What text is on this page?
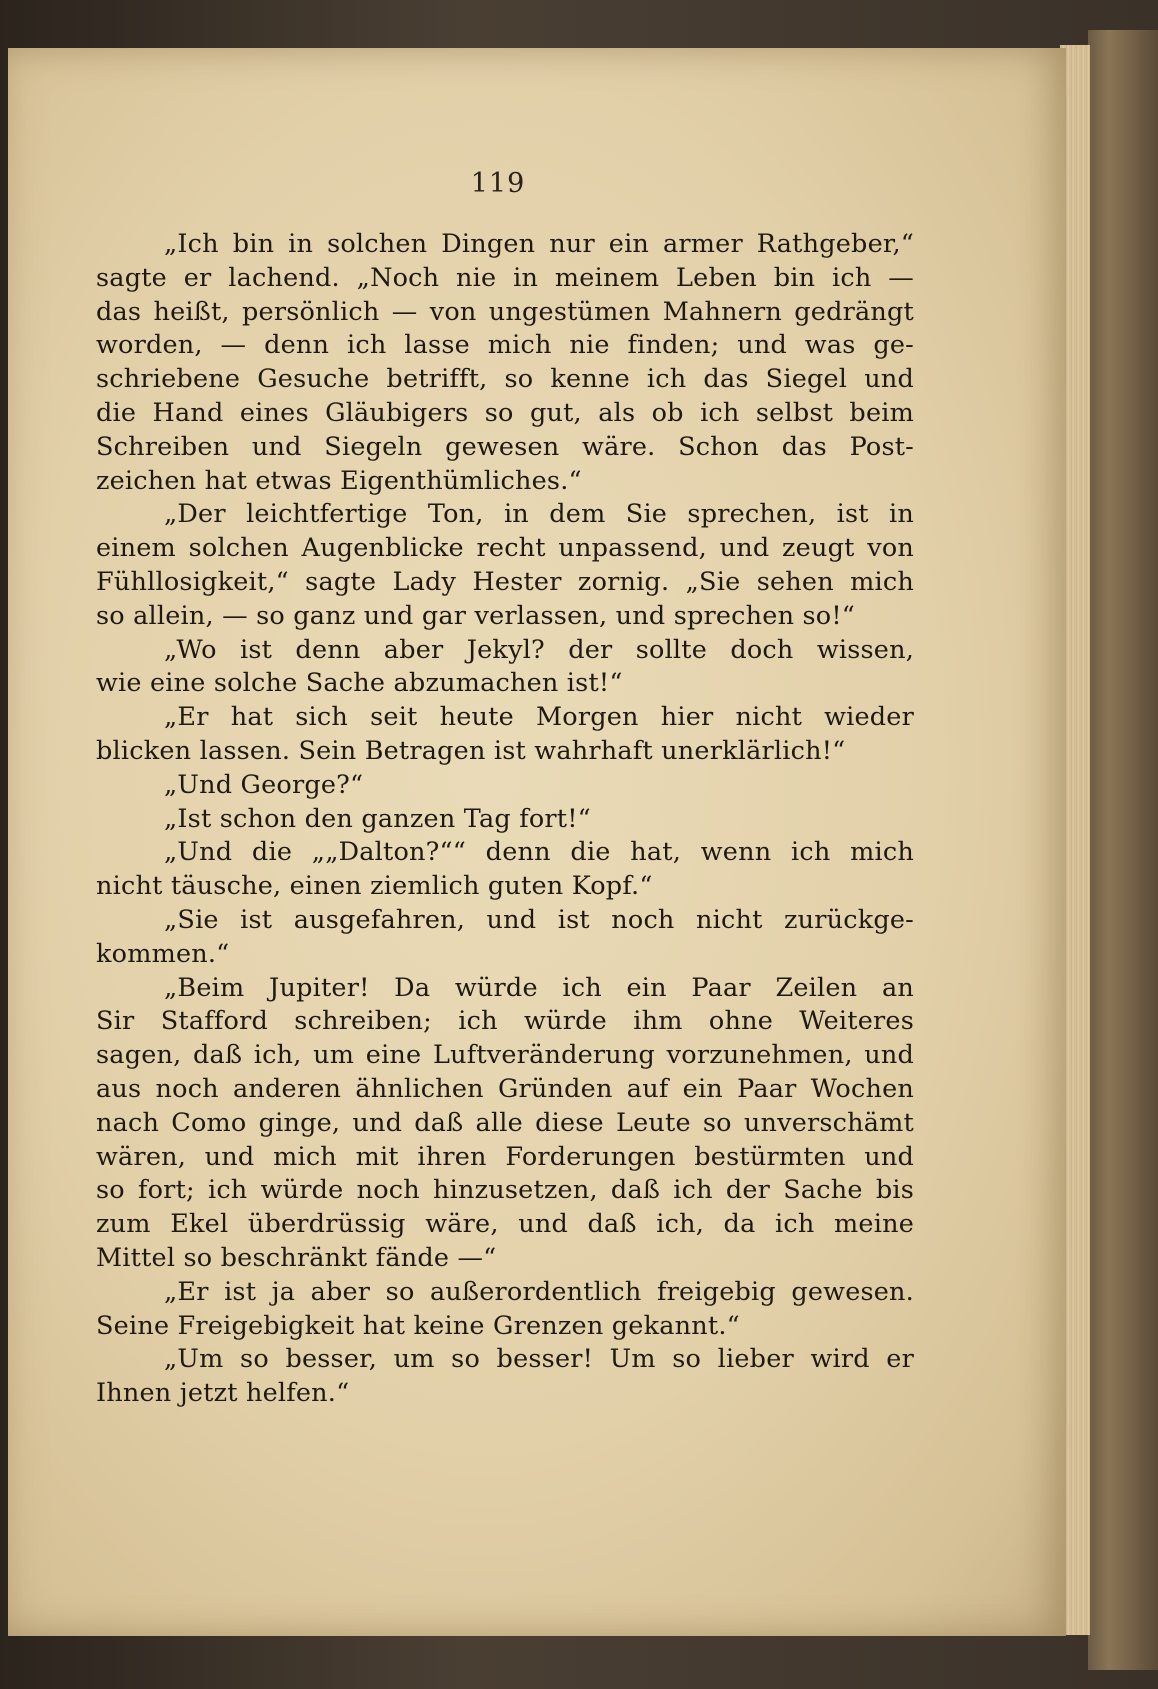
119
„Ich bin in solchen Dingen nur ein armer Rathgeber,“
sagte er lachend. „Noch nie in meinem Leben bin ich —
das heißt, persönlich — von ungestümen Mahnern gedrängt
worden, — denn ich lasse mich nie finden; und was ge-
schriebene Gesuche betrifft, so kenne ich das Siegel und
die Hand eines Gläubigers so gut, als ob ich selbst beim
Schreiben und Siegeln gewesen wäre. Schon das Post-
zeichen hat etwas Eigenthümliches.“
„Der leichtfertige Ton, in dem Sie sprechen, ist in
einem solchen Augenblicke recht unpassend, und zeugt von
Fühllosigkeit,“ sagte Lady Hester zornig. „Sie sehen mich
so allein, — so ganz und gar verlassen, und sprechen so!“
„Wo ist denn aber Jekyl? der sollte doch wissen,
wie eine solche Sache abzumachen ist!“
„Er hat sich seit heute Morgen hier nicht wieder
blicken lassen. Sein Betragen ist wahrhaft unerklärlich!“
„Und George?“
„Ist schon den ganzen Tag fort!“
„Und die „„Dalton?““ denn die hat, wenn ich mich
nicht täusche, einen ziemlich guten Kopf.“
„Sie ist ausgefahren, und ist noch nicht zurückge-
kommen.“
„Beim Jupiter! Da würde ich ein Paar Zeilen an
Sir Stafford schreiben; ich würde ihm ohne Weiteres
sagen, daß ich, um eine Luftveränderung vorzunehmen, und
aus noch anderen ähnlichen Gründen auf ein Paar Wochen
nach Como ginge, und daß alle diese Leute so unverschämt
wären, und mich mit ihren Forderungen bestürmten und
so fort; ich würde noch hinzusetzen, daß ich der Sache bis
zum Ekel überdrüssig wäre, und daß ich, da ich meine
Mittel so beschränkt fände —“
„Er ist ja aber so außerordentlich freigebig gewesen.
Seine Freigebigkeit hat keine Grenzen gekannt.“
„Um so besser, um so besser! Um so lieber wird er
Ihnen jetzt helfen.“
